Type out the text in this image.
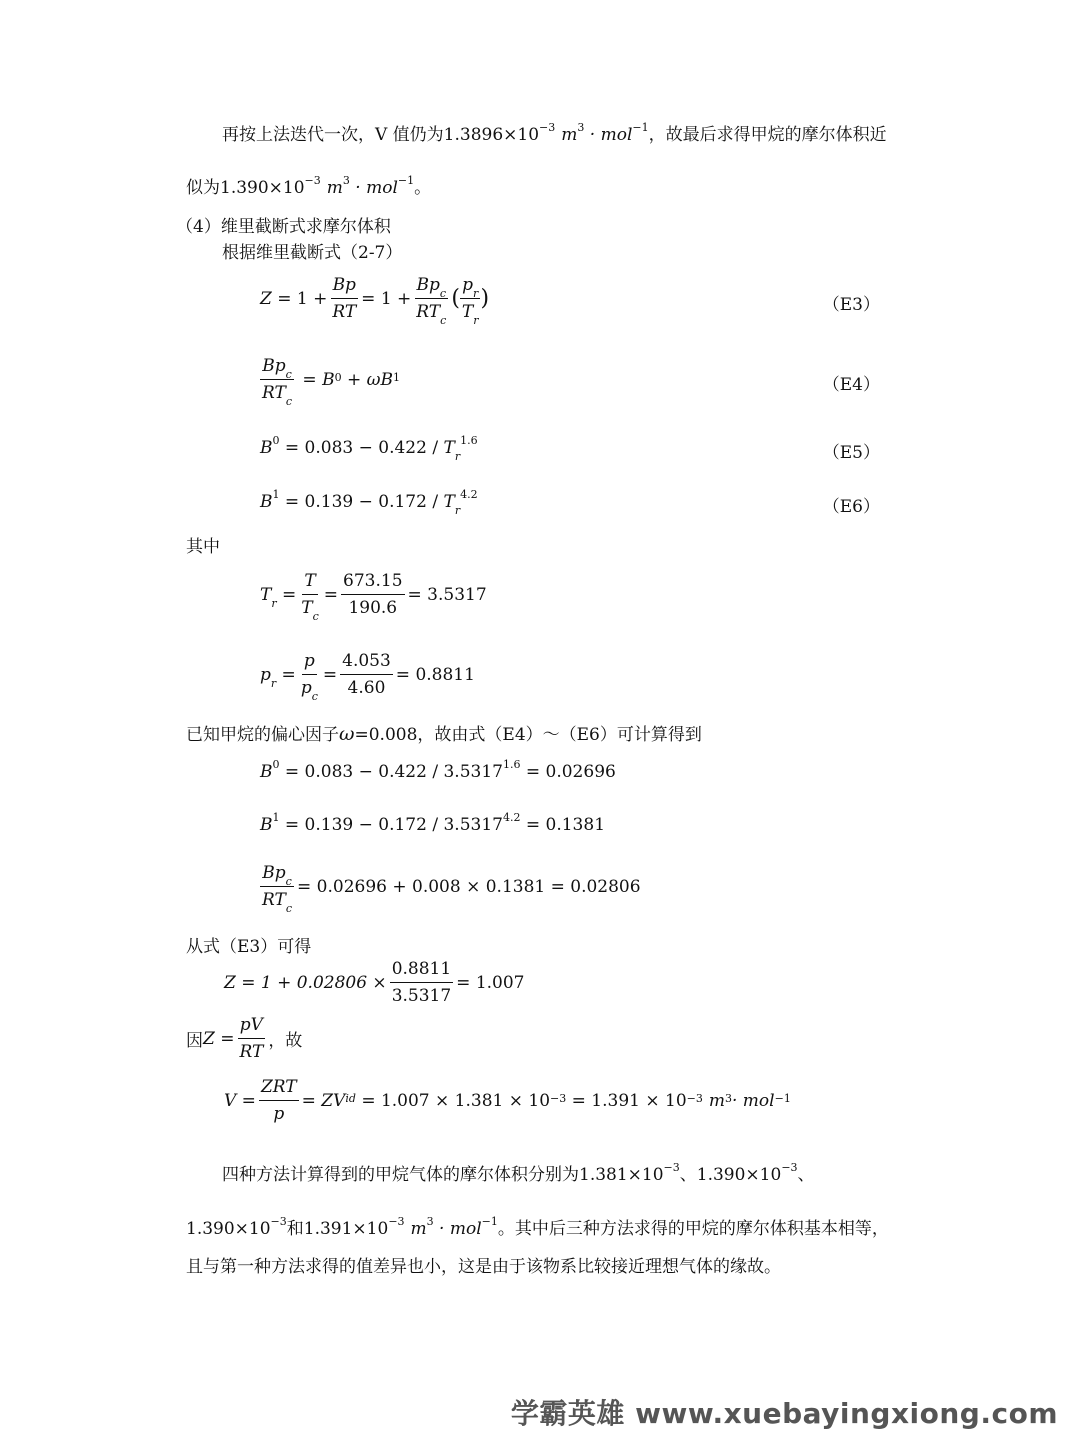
再按上法迭代一次，V 值仍为$1.3896\times 10^{-3}$ $m^3 \cdot mol^{-1}$，故最后求得甲烷的摩尔体积近
似为$1.390\times 10^{-3}$ $m^3 \cdot mol^{-1}$。
（4）维里截断式求摩尔体积
根据维里截断式（2-7）
$Z = 1 + \frac{Bp}{RT} = 1 + \frac{Bp_c}{RT_c}$ ( $\frac{p_r}{T_r}$ )	（E3）
$\frac{Bp_c}{RT_c} = B^0 + \omega B^1$	（E4）
$B^0 = 0.083 - 0.422 / T_r^{1.6}$
（E5）
$B^1 = 0.139 - 0.172 / T_r^{4.2}$
（E6）
其中
$T_r = \frac{T}{T_c} = \frac{673.15}{190.6} = 3.5317$
$p_r = \frac{p}{p_c} = \frac{4.053}{4.60} = 0.8811$
已知甲烷的偏心因子ω=0.008，故由式（E4）～（E6）可计算得到
$B^0 = 0.083 - 0.422 / 3.5317^{1.6} = 0.02696$
$B^1 = 0.139 - 0.172 / 3.5317^{4.2} = 0.1381$
$\frac{Bp_c}{RT_c} = 0.02696 + 0.008 \times 0.1381 = 0.02806$
从式（E3）可得
$Z = 1 + 0.02806 \times \frac{0.8811}{3.5317} = 1.007$
因 $Z = \frac{pV}{RT}$ ，故
$V = \frac{\text{ZRT}}{p} = ZV^{id}$
= $1.007 \times 1.381 \times 10^{-3}$
= $1.391 \times 10^{-3}$ $m^3 \cdot mol^{-1}$
四种方法计算得到的甲烷气体的摩尔体积分别为$1.381\times 10^{-3}$、$1.390\times 10^{-3}$、
$1.390\times 10^{-3}$和$1.391\times 10^{-3}$ $m^3 \cdot mol^{-1}$。其中后三种方法求得的甲烷的摩尔体积基本相等，
且与第一种方法求得的值差异也小，这是由于该物系比较接近理想气体的缘故。
学霸英雄 www.xuebayingxiong.com
